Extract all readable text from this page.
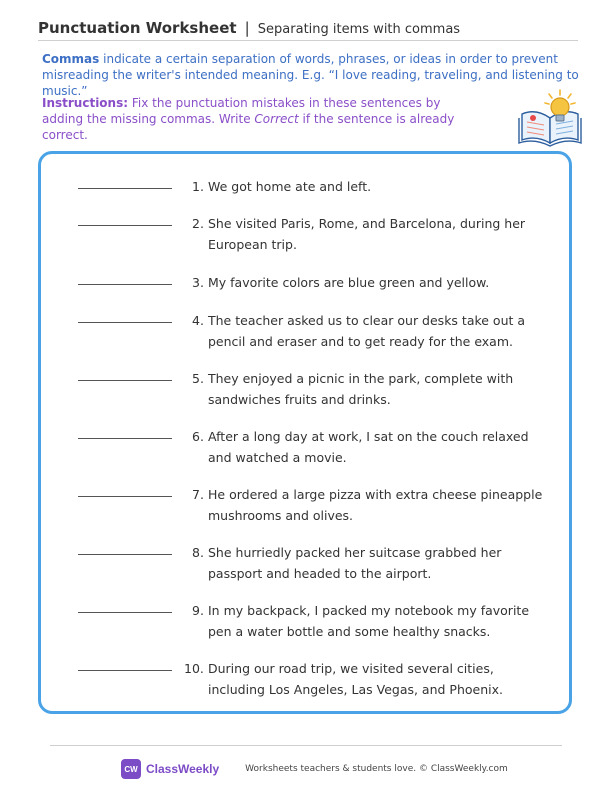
Punctuation Worksheet | Separating items with commas
Commas indicate a certain separation of words, phrases, or ideas in order to prevent misreading the writer's intended meaning. E.g. “I love reading, traveling, and listening to music.”
Instructions: Fix the punctuation mistakes in these sentences by adding the missing commas. Write Correct if the sentence is already correct.
1. We got home ate and left.
2. She visited Paris, Rome, and Barcelona, during her European trip.
3. My favorite colors are blue green and yellow.
4. The teacher asked us to clear our desks take out a pencil and eraser and to get ready for the exam.
5. They enjoyed a picnic in the park, complete with sandwiches fruits and drinks.
6. After a long day at work, I sat on the couch relaxed and watched a movie.
7. He ordered a large pizza with extra cheese pineapple mushrooms and olives.
8. She hurriedly packed her suitcase grabbed her passport and headed to the airport.
9. In my backpack, I packed my notebook my favorite pen a water bottle and some healthy snacks.
10. During our road trip, we visited several cities, including Los Angeles, Las Vegas, and Phoenix.
CW ClassWeekly	Worksheets teachers & students love. © ClassWeekly.com
